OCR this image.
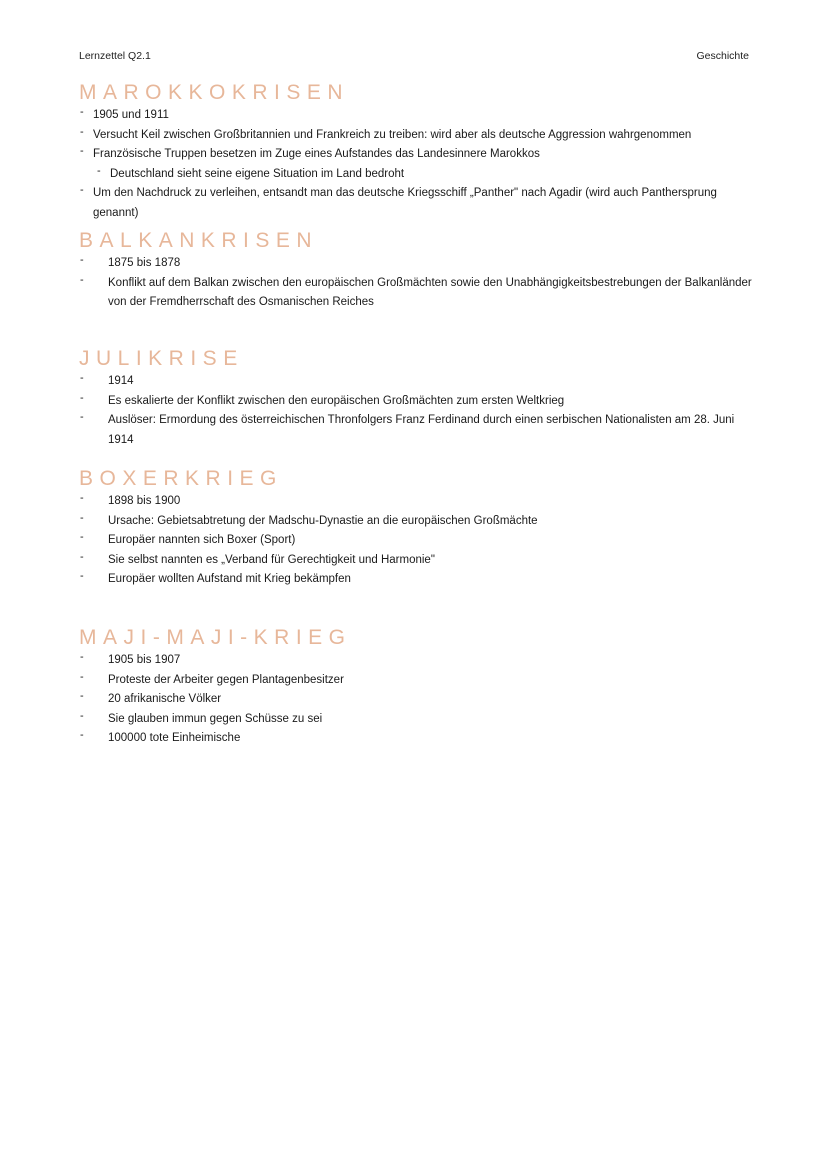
Lernzettel Q2.1	Geschichte
MAROKKOKRISEN
- 1905 und 1911
- Versucht Keil zwischen Großbritannien und Frankreich zu treiben: wird aber als deutsche Aggression wahrgenommen
- Französische Truppen besetzen im Zuge eines Aufstandes das Landesinnere Marokkos
- Deutschland sieht seine eigene Situation im Land bedroht
- Um den Nachdruck zu verleihen, entsandt man das deutsche Kriegsschiff „Panther" nach Agadir (wird auch Panthersprung genannt)
BALKANKRISEN
- 1875 bis 1878
- Konflikt auf dem Balkan zwischen den europäischen Großmächten sowie den Unabhängigkeitsbestrebungen der Balkanländer von der Fremdherrschaft des Osmanischen Reiches
JULIKRISE
- 1914
- Es eskalierte der Konflikt zwischen den europäischen Großmächten zum ersten Weltkrieg
- Auslöser: Ermordung des österreichischen Thronfolgers Franz Ferdinand durch einen serbischen Nationalisten am 28. Juni 1914
BOXERKRIEG
- 1898 bis 1900
- Ursache: Gebietsabtretung der Madschu-Dynastie an die europäischen Großmächte
- Europäer nannten sich Boxer (Sport)
- Sie selbst nannten es „Verband für Gerechtigkeit und Harmonie"
- Europäer wollten Aufstand mit Krieg bekämpfen
MAJI-MAJI-KRIEG
- 1905 bis 1907
- Proteste der Arbeiter gegen Plantagenbesitzer
- 20 afrikanische Völker
- Sie glauben immun gegen Schüsse zu sei
- 100000 tote Einheimische
